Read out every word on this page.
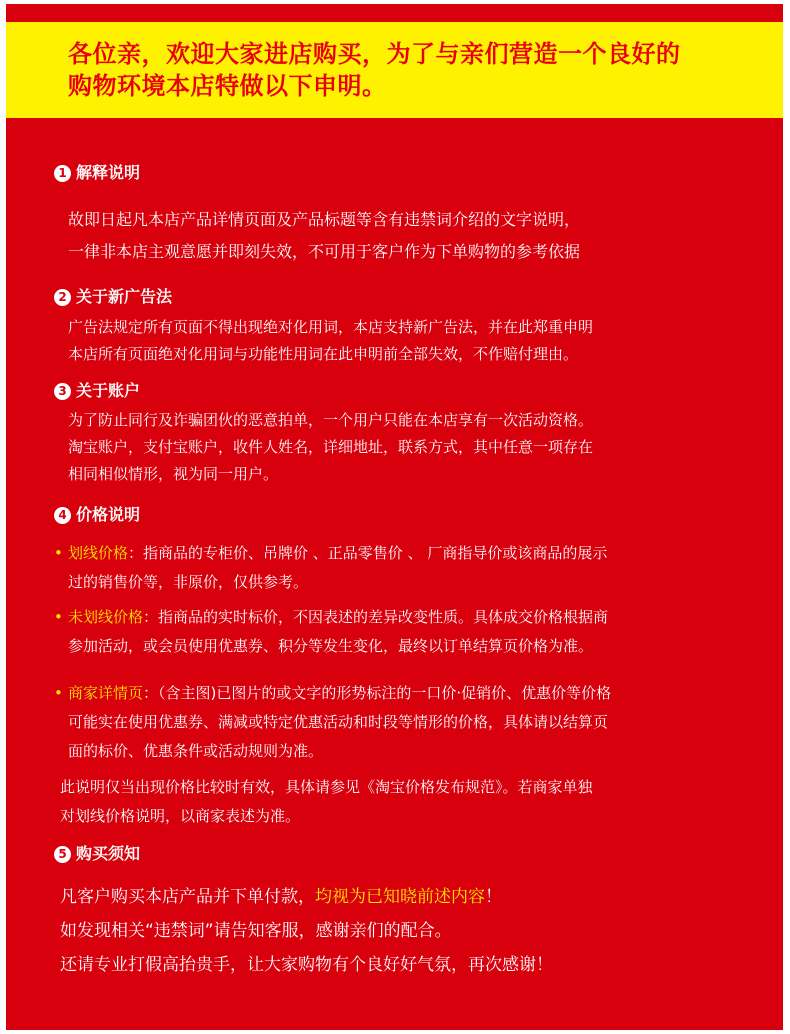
各位亲，欢迎大家进店购买，为了与亲们营造一个良好的
购物环境本店特做以下申明。

1 解释说明

故即日起凡本店产品详情页面及产品标题等含有违禁词介绍的文字说明，
一律非本店主观意愿并即刻失效，不可用于客户作为下单购物的参考依据

2 关于新广告法

广告法规定所有页面不得出现绝对化用词，本店支持新广告法，并在此郑重申明
本店所有页面绝对化用词与功能性用词在此申明前全部失效，不作赔付理由。

3 关于账户

为了防止同行及诈骗团伙的恶意拍单，一个用户只能在本店享有一次活动资格。
淘宝账户，支付宝账户，收件人姓名，详细地址，联系方式，其中任意一项存在
相同相似情形，视为同一用户。

4 价格说明
• 划线价格：指商品的专柜价、吊牌价 、正品零售价 、 厂商指导价或该商品的展示
过的销售价等，非原价，仅供参考。
• 未划线价格：指商品的实时标价，不因表述的差异改变性质。具体成交价格根据商
参加活动，或会员使用优惠券、积分等发生变化，最终以订单结算页价格为准。
• 商家详情页：（含主图)已图片的或文字的形势标注的一口价·促销价、优惠价等价格
可能实在使用优惠券、满减或特定优惠活动和时段等情形的价格，具体请以结算页
面的标价、优惠条件或活动规则为准。

此说明仅当出现价格比较时有效，具体请参见《淘宝价格发布规范》。若商家单独
对划线价格说明，以商家表述为准。

5 购买须知

凡客户购买本店产品并下单付款，均视为已知晓前述内容！
如发现相关“违禁词”请告知客服，感谢亲们的配合。
还请专业打假高抬贵手，让大家购物有个良好好气氛，再次感谢！
